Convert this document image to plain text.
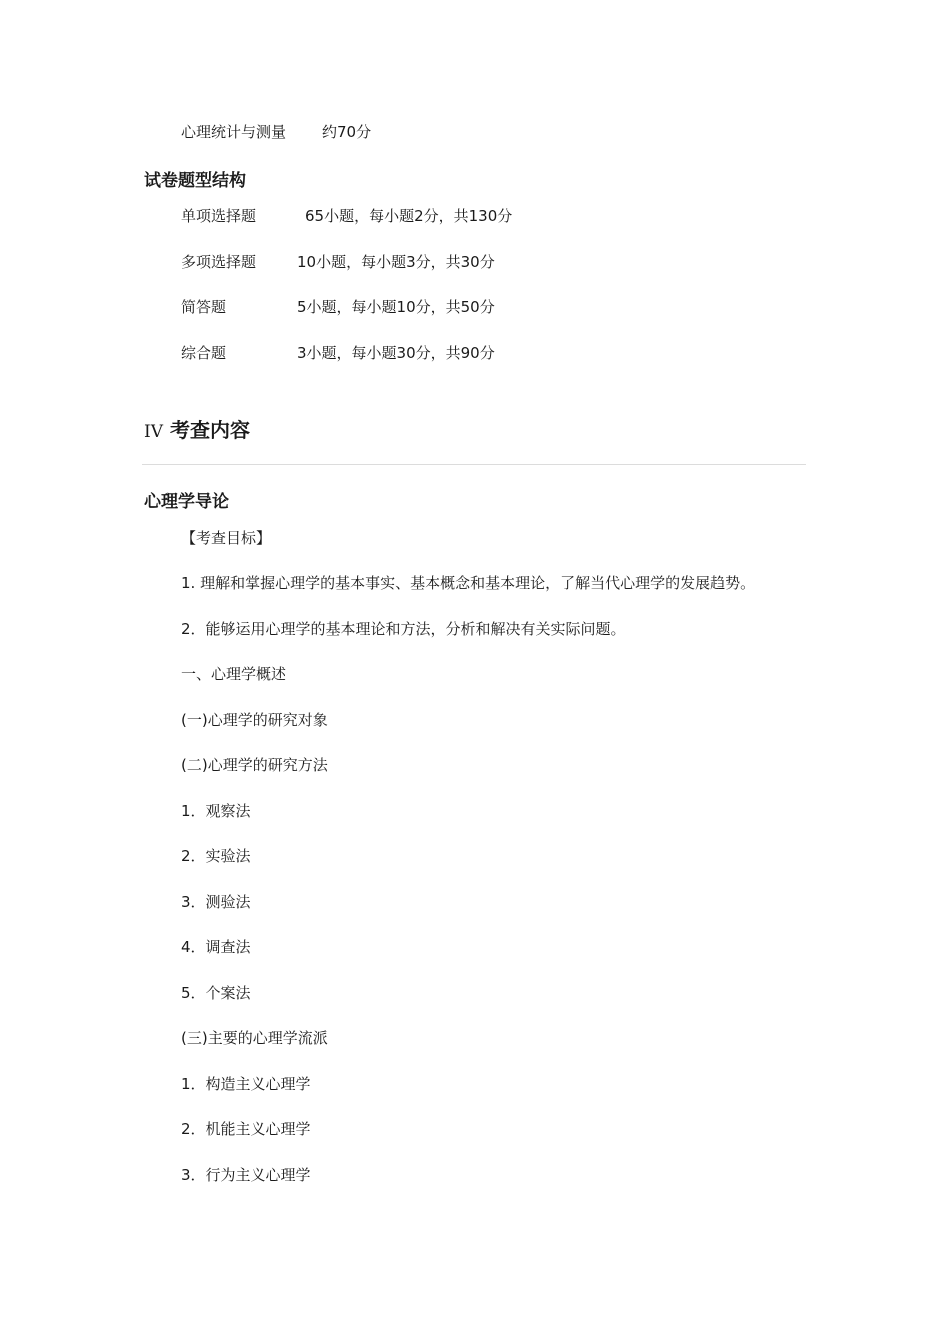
心理统计与测量 约70分
试卷题型结构
单项选择题	65小题，每小题2分，共130分
多项选择题	10小题，每小题3分，共30分
简答题	5小题，每小题10分，共50分
综合题	3小题，每小题30分，共90分
IV 考查内容
心理学导论
【考查目标】
1. 理解和掌握心理学的基本事实、基本概念和基本理论，了解当代心理学的发展趋势。
2．能够运用心理学的基本理论和方法，分析和解决有关实际问题。
一、心理学概述
(一)心理学的研究对象
(二)心理学的研究方法
1．观察法
2．实验法
3．测验法
4．调查法
5．个案法
(三)主要的心理学流派
1．构造主义心理学
2．机能主义心理学
3．行为主义心理学
